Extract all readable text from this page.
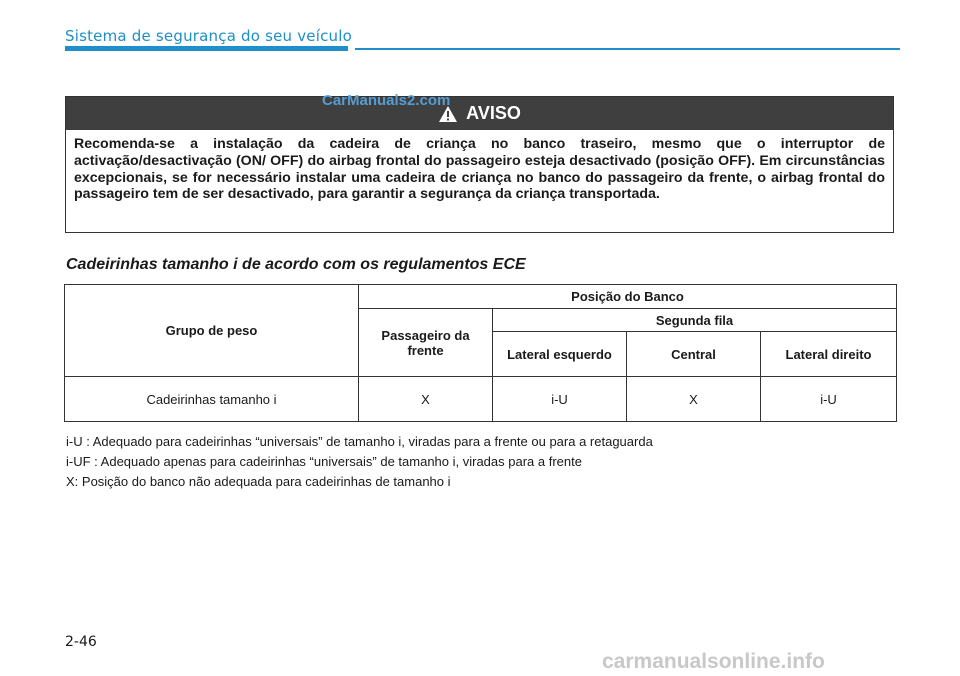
Sistema de segurança do seu veículo
AVISO
Recomenda-se a instalação da cadeira de criança no banco traseiro, mesmo que o interruptor de activação/desactivação (ON/ OFF) do airbag frontal do passageiro esteja desactivado (posição OFF). Em circunstâncias excepcionais, se for necessário instalar uma cadeira de criança no banco do passageiro da frente, o airbag frontal do passageiro tem de ser desactivado, para garantir a segurança da criança transportada.
CarManuals2.com
Cadeirinhas tamanho i de acordo com os regulamentos ECE
Grupo de peso	Posição do Banco			
	Passageiro da frente	Segunda fila		
		Lateral esquerdo	Central	Lateral direito
Cadeirinhas tamanho i	X	i-U	X	i-U
i-U : Adequado para cadeirinhas “universais” de tamanho i, viradas para a frente ou para a retaguarda
i-UF : Adequado apenas para cadeirinhas “universais” de tamanho i, viradas para a frente
X: Posição do banco não adequada para cadeirinhas de tamanho i
2-46
carmanualsonline.info
